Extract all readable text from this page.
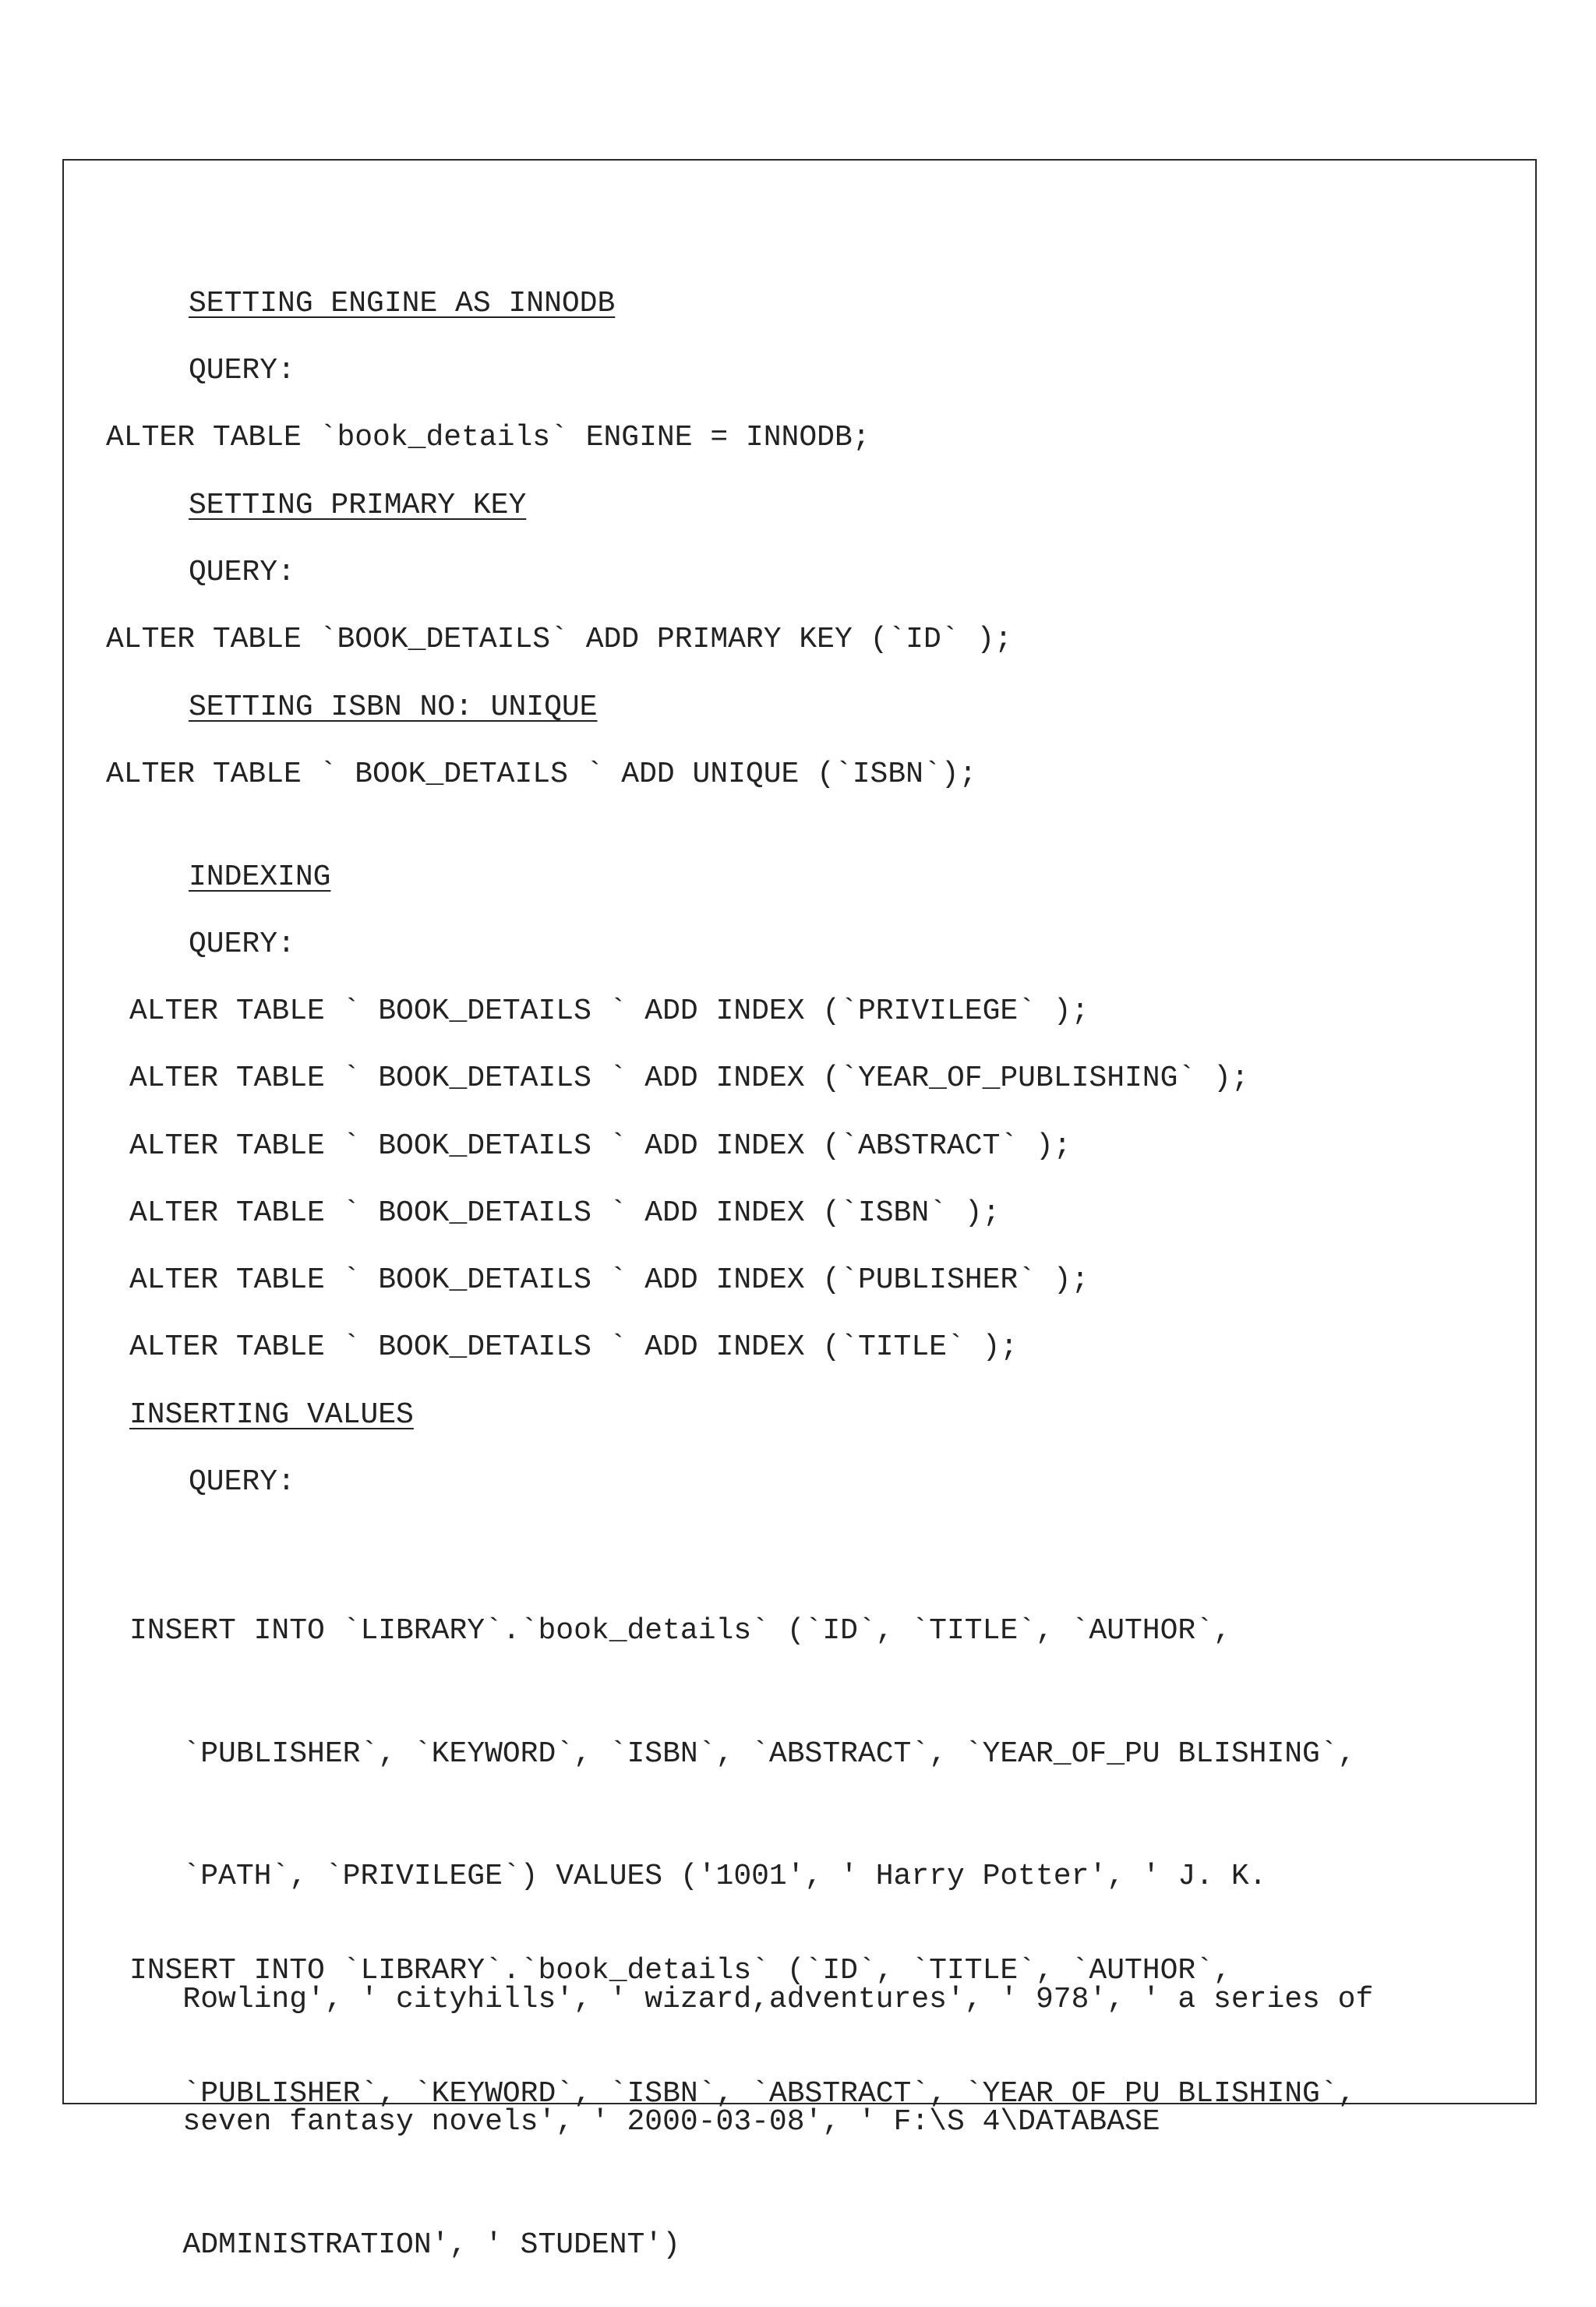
SETTING ENGINE AS INNODB
QUERY:
ALTER TABLE `book_details` ENGINE = INNODB;
SETTING PRIMARY KEY
QUERY:
ALTER TABLE `BOOK_DETAILS` ADD PRIMARY KEY (`ID` );
SETTING ISBN NO: UNIQUE
ALTER TABLE ` BOOK_DETAILS ` ADD UNIQUE (`ISBN`);
INDEXING
QUERY:
ALTER TABLE ` BOOK_DETAILS ` ADD INDEX (`PRIVILEGE` );
ALTER TABLE ` BOOK_DETAILS ` ADD INDEX (`YEAR_OF_PUBLISHING` );
ALTER TABLE ` BOOK_DETAILS ` ADD INDEX (`ABSTRACT` );
ALTER TABLE ` BOOK_DETAILS ` ADD INDEX (`ISBN` );
ALTER TABLE ` BOOK_DETAILS ` ADD INDEX (`PUBLISHER` );
ALTER TABLE ` BOOK_DETAILS ` ADD INDEX (`TITLE` );
INSERTING VALUES
QUERY:

INSERT INTO `LIBRARY`.`book_details` (`ID`, `TITLE`, `AUTHOR`,

`PUBLISHER`, `KEYWORD`, `ISBN`, `ABSTRACT`, `YEAR_OF_PU BLISHING`,

`PATH`, `PRIVILEGE`) VALUES ('1001', ' Harry Potter', ' J. K.

Rowling', ' cityhills', ' wizard,adventures', ' 978', ' a series of

seven fantasy novels', ' 2000-03-08', ' F:\S 4\DATABASE

ADMINISTRATION', ' STUDENT')

INSERT INTO `LIBRARY`.`book_details` (`ID`, `TITLE`, `AUTHOR`,

`PUBLISHER`, `KEYWORD`, `ISBN`, `ABSTRACT`, `YEAR_OF_PU BLISHING`,
